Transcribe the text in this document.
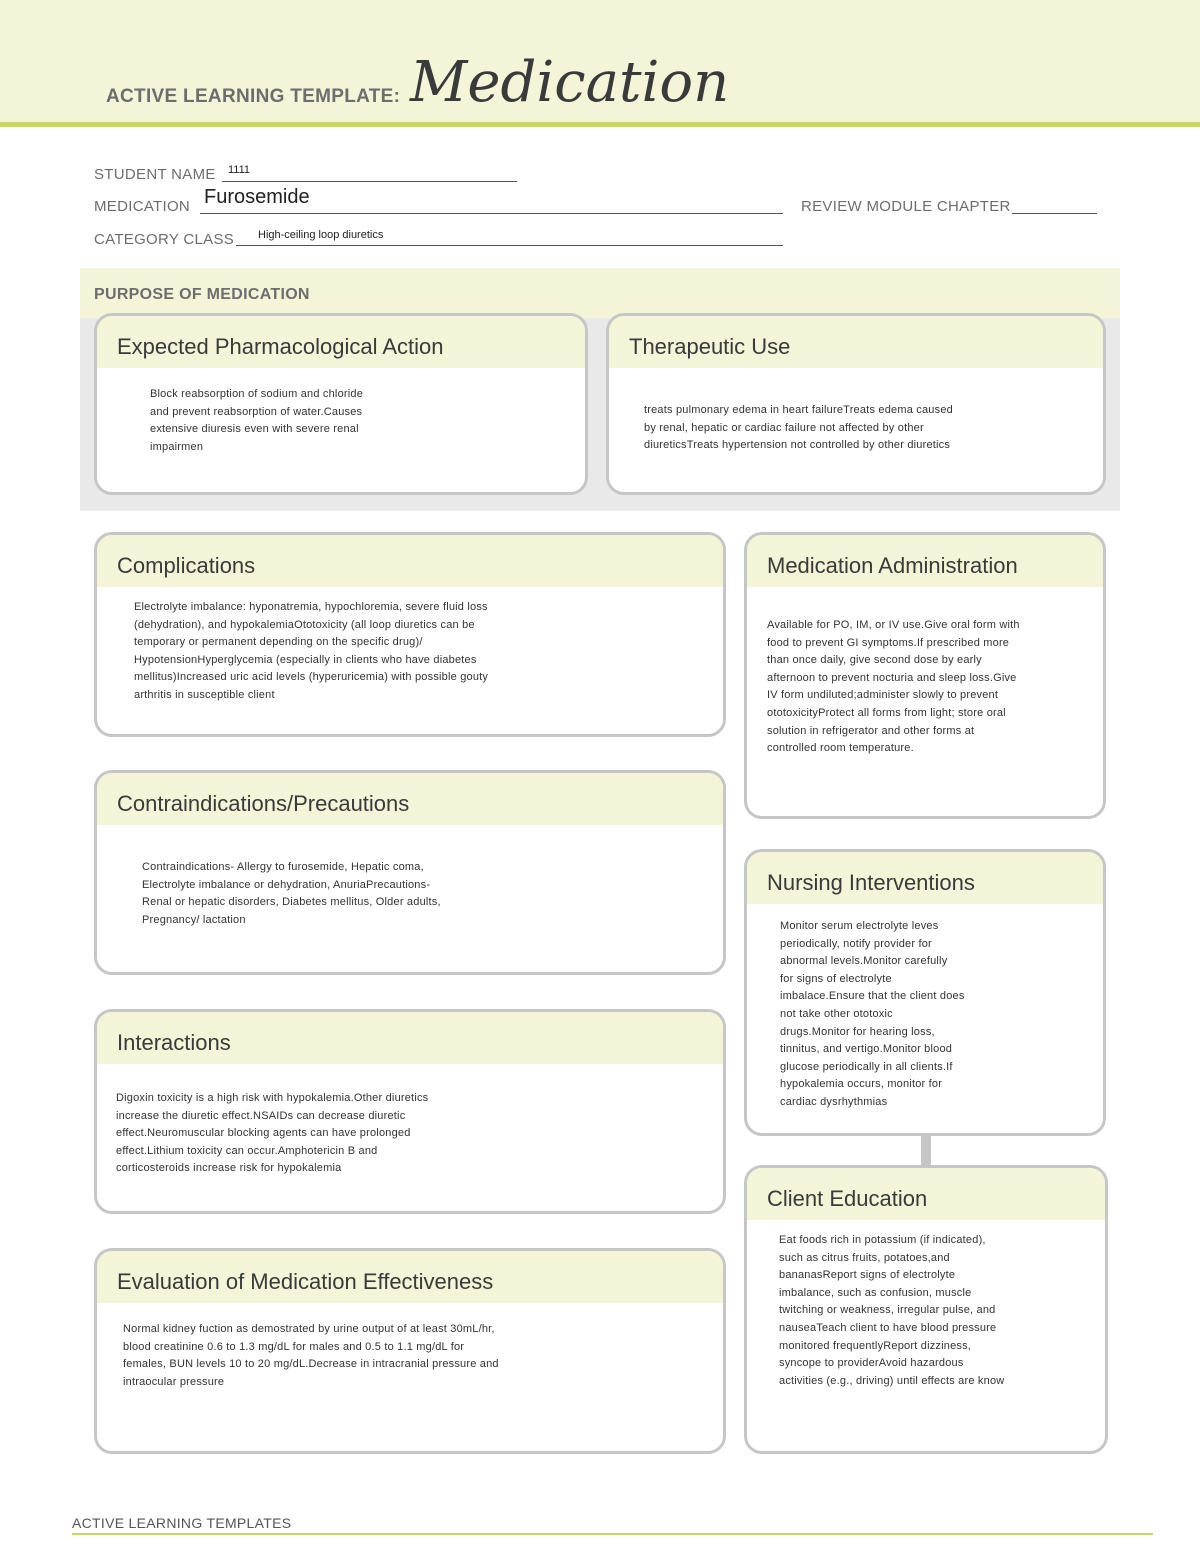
ACTIVE LEARNING TEMPLATE: Medication
STUDENT NAME 1111
MEDICATION Furosemide	REVIEW MODULE CHAPTER
CATEGORY CLASS High-ceiling loop diuretics
PURPOSE OF MEDICATION
Expected Pharmacological Action
Block reabsorption of sodium and chloride
and prevent reabsorption of water.Causes
extensive diuresis even with severe renal
impairmen
Therapeutic Use
treats pulmonary edema in heart failureTreats edema caused
by renal, hepatic or cardiac failure not affected by other
diureticsTreats hypertension not controlled by other diuretics
Complications
Electrolyte imbalance: hyponatremia, hypochloremia, severe fluid loss
(dehydration), and hypokalemiaOtotoxicity (all loop diuretics can be
temporary or permanent depending on the specific drug)/
HypotensionHyperglycemia (especially in clients who have diabetes
mellitus)Increased uric acid levels (hyperuricemia) with possible gouty
arthritis in susceptible client
Medication Administration
Available for PO, IM, or IV use.Give oral form with
food to prevent GI symptoms.If prescribed more
than once daily, give second dose by early
afternoon to prevent nocturia and sleep loss.Give
IV form undiluted;administer slowly to prevent
ototoxicityProtect all forms from light; store oral
solution in refrigerator and other forms at
controlled room temperature.
Contraindications/Precautions
Contraindications- Allergy to furosemide, Hepatic coma,
Electrolyte imbalance or dehydration, AnuriaPrecautions-
Renal or hepatic disorders, Diabetes mellitus, Older adults,
Pregnancy/ lactation
Nursing Interventions
Monitor serum electrolyte leves
periodically, notify provider for
abnormal levels.Monitor carefully
for signs of electrolyte
imbalace.Ensure that the client does
not take other ototoxic
drugs.Monitor for hearing loss,
tinnitus, and vertigo.Monitor blood
glucose periodically in all clients.If
hypokalemia occurs, monitor for
cardiac dysrhythmias
Interactions
Digoxin toxicity is a high risk with hypokalemia.Other diuretics
increase the diuretic effect.NSAIDs can decrease diuretic
effect.Neuromuscular blocking agents can have prolonged
effect.Lithium toxicity can occur.Amphotericin B and
corticosteroids increase risk for hypokalemia
Client Education
Eat foods rich in potassium (if indicated),
such as citrus fruits, potatoes,and
bananasReport signs of electrolyte
imbalance, such as confusion, muscle
twitching or weakness, irregular pulse, and
nauseaTeach client to have blood pressure
monitored frequentlyReport dizziness,
syncope to providerAvoid hazardous
activities (e.g., driving) until effects are know
Evaluation of Medication Effectiveness
Normal kidney fuction as demostrated by urine output of at least 30mL/hr,
blood creatinine 0.6 to 1.3 mg/dL for males and 0.5 to 1.1 mg/dL for
females, BUN levels 10 to 20 mg/dL.Decrease in intracranial pressure and
intraocular pressure
ACTIVE LEARNING TEMPLATES
